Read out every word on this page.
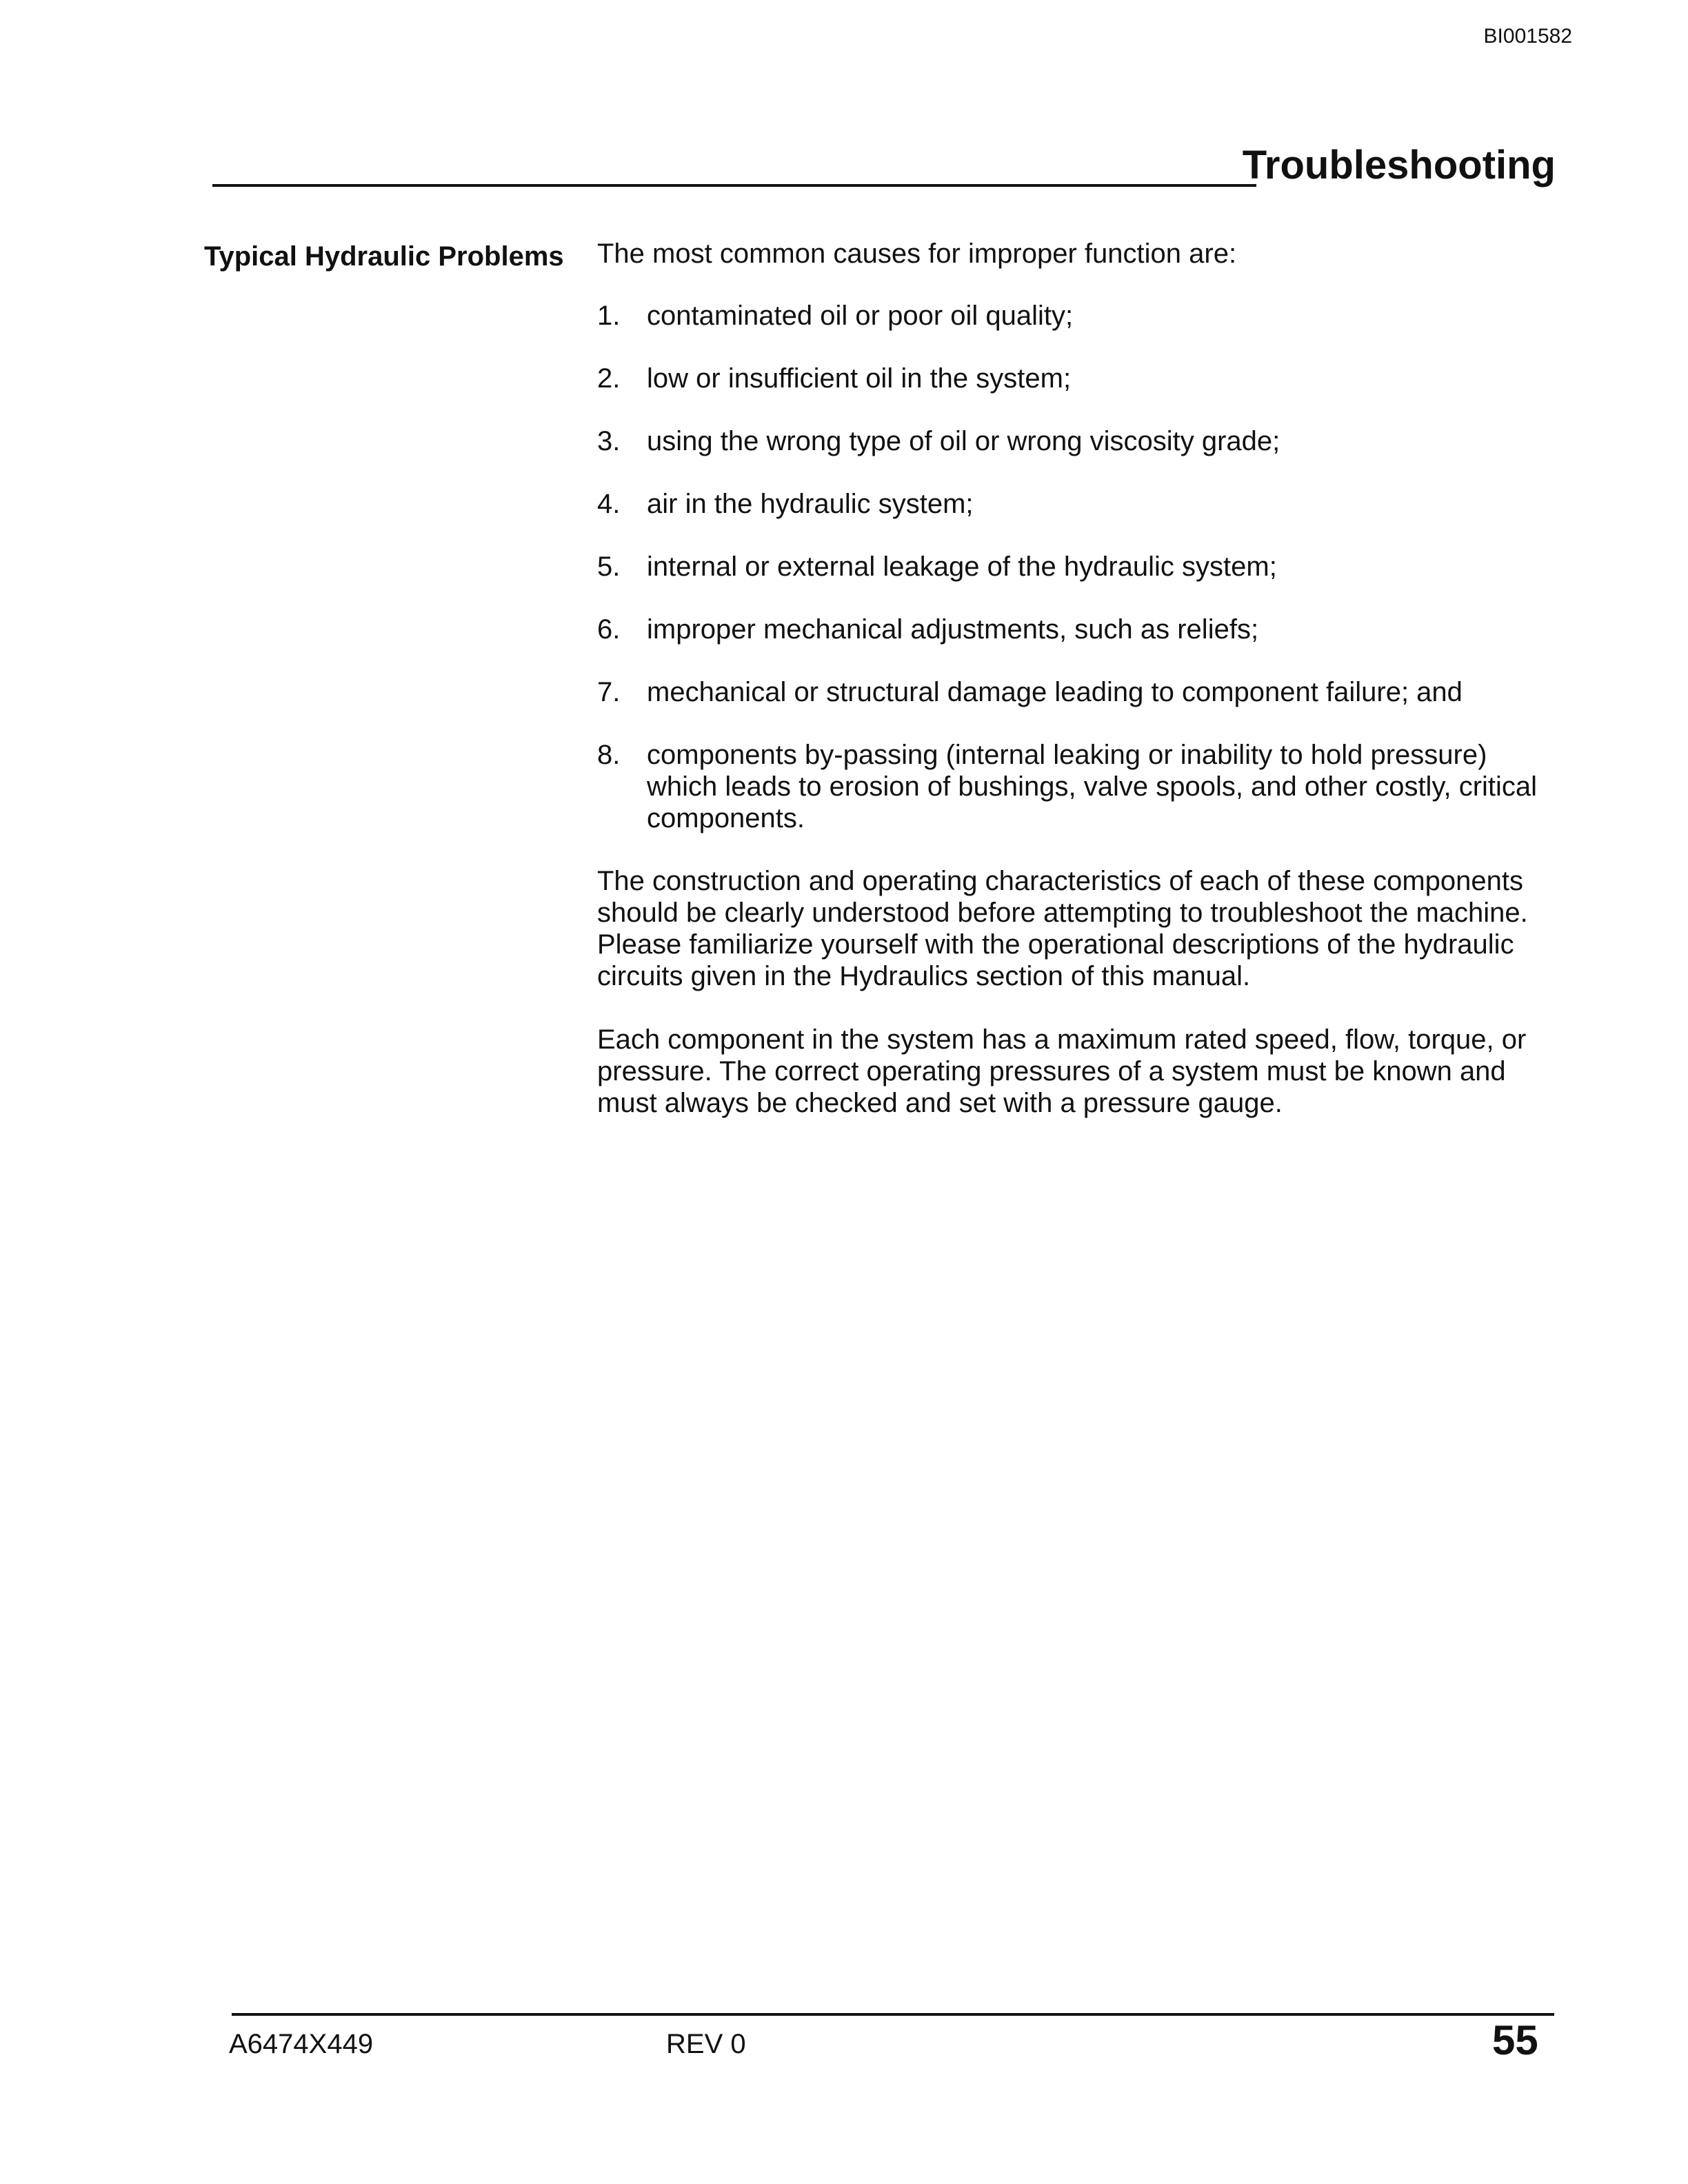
BI001582
Troubleshooting
Typical Hydraulic Problems The most common causes for improper function are:

1. contaminated oil or poor oil quality;
2. low or insufficient oil in the system;
3. using the wrong type of oil or wrong viscosity grade;
4. air in the hydraulic system;
5. internal or external leakage of the hydraulic system;
6. improper mechanical adjustments, such as reliefs;
7. mechanical or structural damage leading to component failure; and
8. components by-passing (internal leaking or inability to hold pressure) which leads to erosion of bushings, valve spools, and other costly, critical components.

The construction and operating characteristics of each of these components should be clearly understood before attempting to troubleshoot the machine. Please familiarize yourself with the operational descriptions of the hydraulic circuits given in the Hydraulics section of this manual.

Each component in the system has a maximum rated speed, flow, torque, or pressure. The correct operating pressures of a system must be known and must always be checked and set with a pressure gauge.

A6474X449	REV 0	55
